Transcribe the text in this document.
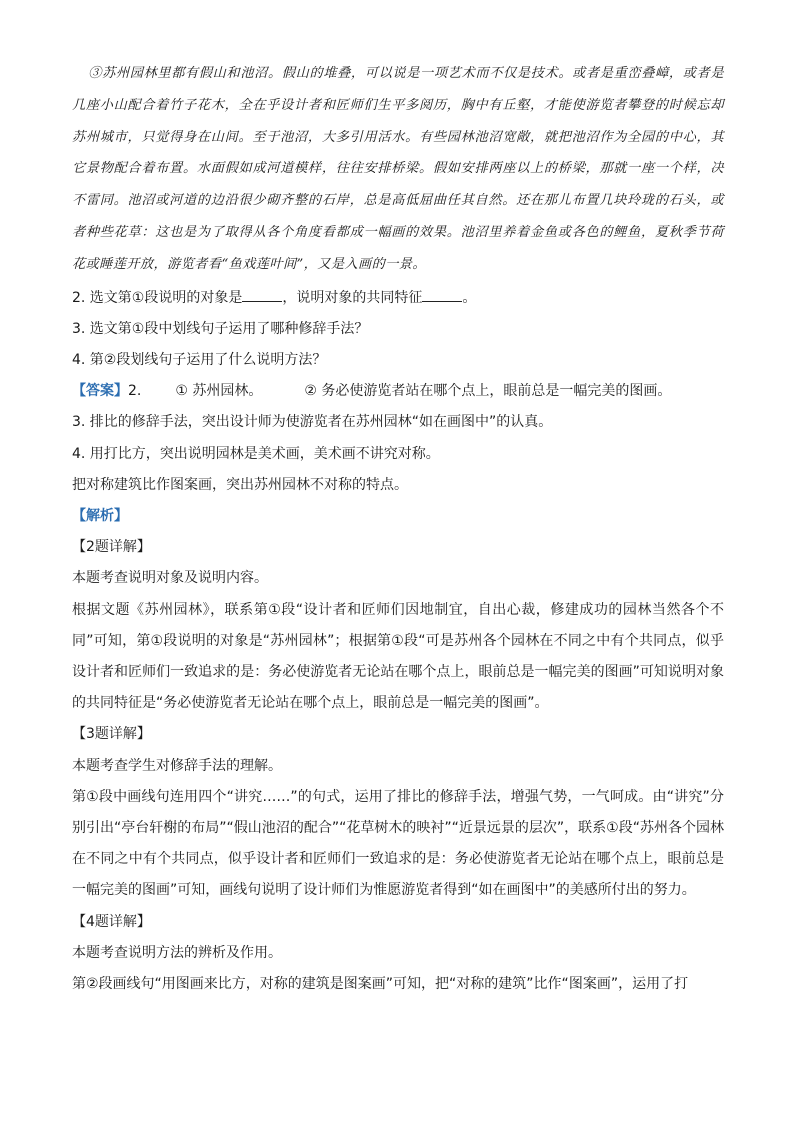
③苏州园林里都有假山和池沼。假山的堆叠，可以说是一项艺术而不仅是技术。或者是重峦叠嶂，或者是几座小山配合着竹子花木，全在乎设计者和匠师们生平多阅历，胸中有丘壑，才能使游览者攀登的时候忘却苏州城市，只觉得身在山间。至于池沼，大多引用活水。有些园林池沼宽敞，就把池沼作为全园的中心，其它景物配合着布置。水面假如成河道模样，往往安排桥梁。假如安排两座以上的桥梁，那就一座一个样，决不雷同。池沼或河道的边沿很少砌齐整的石岸，总是高低屈曲任其自然。还在那儿布置几块玲珑的石头，或者种些花草：这也是为了取得从各个角度看都成一幅画的效果。池沼里养着金鱼或各色的鲤鱼，夏秋季节荷花或睡莲开放，游览者看“鱼戏莲叶间”，又是入画的一景。

2. 选文第①段说明的对象是	，说明对象的共同特征	。

3. 选文第①段中划线句子运用了哪种修辞手法？

4. 第②段划线句子运用了什么说明方法？

【答案】2. ① 苏州园林。	② 务必使游览者站在哪个点上，眼前总是一幅完美的图画。

3. 排比的修辞手法，突出设计师为使游览者在苏州园林“如在画图中”的认真。

4. 用打比方，突出说明园林是美术画，美术画不讲究对称。

把对称建筑比作图案画，突出苏州园林不对称的特点。

【解析】

【2题详解】

本题考查说明对象及说明内容。

根据文题《苏州园林》，联系第①段“设计者和匠师们因地制宜，自出心裁，修建成功的园林当然各个不同”可知，第①段说明的对象是“苏州园林”；根据第①段“可是苏州各个园林在不同之中有个共同点，似乎设计者和匠师们一致追求的是：务必使游览者无论站在哪个点上，眼前总是一幅完美的图画”可知说明对象的共同特征是“务必使游览者无论站在哪个点上，眼前总是一幅完美的图画”。

【3题详解】

本题考查学生对修辞手法的理解。

第①段中画线句连用四个“讲究……”的句式，运用了排比的修辞手法，增强气势，一气呵成。由“讲究”分别引出“亭台轩榭的布局”“假山池沼的配合”“花草树木的映衬”“近景远景的层次”，联系①段“苏州各个园林在不同之中有个共同点，似乎设计者和匠师们一致追求的是：务必使游览者无论站在哪个点上，眼前总是一幅完美的图画”可知，画线句说明了设计师们为惟愿游览者得到“如在画图中”的美感所付出的努力。

【4题详解】

本题考查说明方法的辨析及作用。

第②段画线句“用图画来比方，对称的建筑是图案画”可知，把“对称的建筑”比作“图案画”，运用了打
